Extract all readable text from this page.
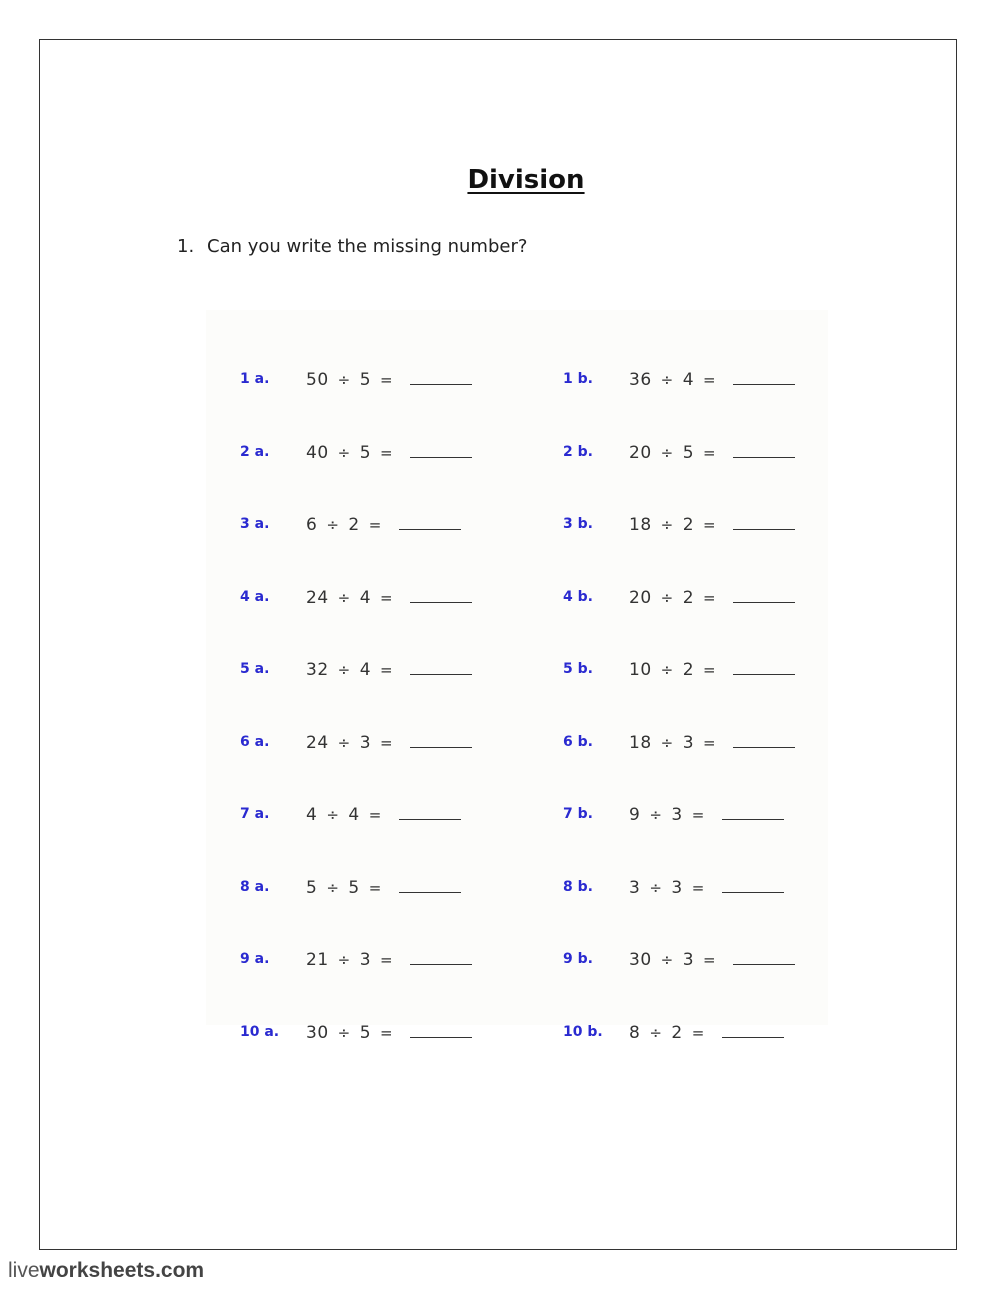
Division
1. Can you write the missing number?
1 a. 50 ÷ 5 =
2 a. 40 ÷ 5 =
3 a. 6 ÷ 2 =
4 a. 24 ÷ 4 =
5 a. 32 ÷ 4 =
6 a. 24 ÷ 3 =
7 a. 4 ÷ 4 =
8 a. 5 ÷ 5 =
9 a. 21 ÷ 3 =
10 a. 30 ÷ 5 =
1 b. 36 ÷ 4 =
2 b. 20 ÷ 5 =
3 b. 18 ÷ 2 =
4 b. 20 ÷ 2 =
5 b. 10 ÷ 2 =
6 b. 18 ÷ 3 =
7 b. 9 ÷ 3 =
8 b. 3 ÷ 3 =
9 b. 30 ÷ 3 =
10 b. 8 ÷ 2 =
liveworksheets.com
